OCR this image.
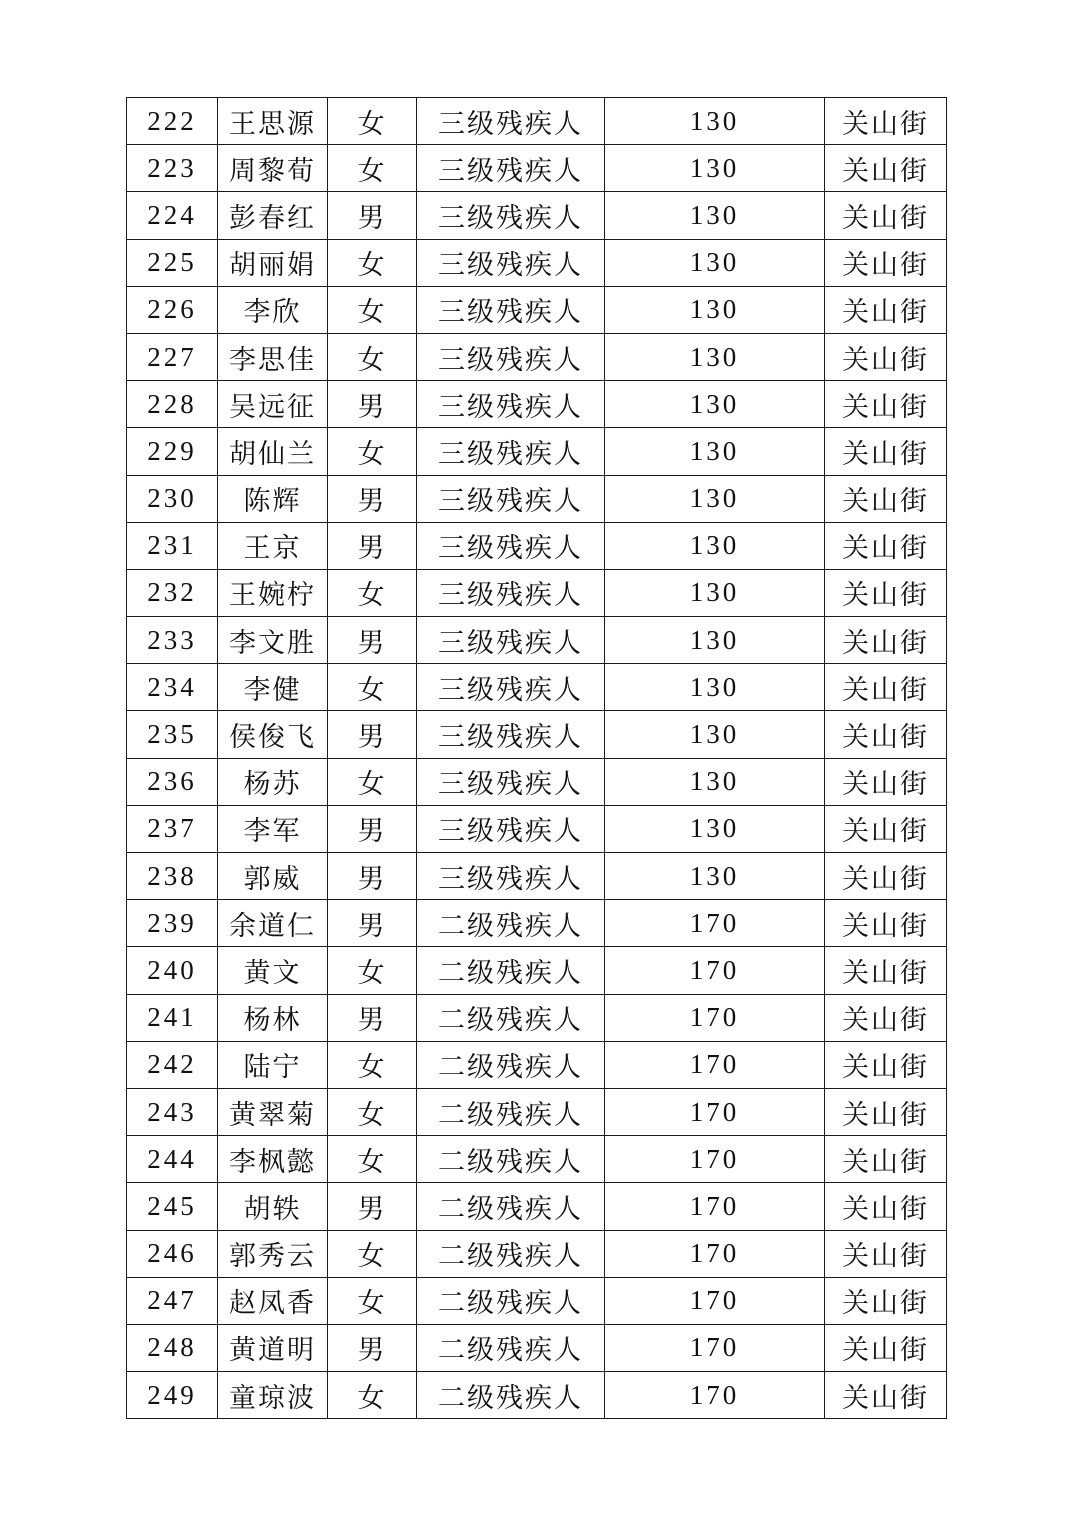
222	王思源	女	三级残疾人	130	关山街
223	周黎荀	女	三级残疾人	130	关山街
224	彭春红	男	三级残疾人	130	关山街
225	胡丽娟	女	三级残疾人	130	关山街
226	李欣	女	三级残疾人	130	关山街
227	李思佳	女	三级残疾人	130	关山街
228	吴远征	男	三级残疾人	130	关山街
229	胡仙兰	女	三级残疾人	130	关山街
230	陈辉	男	三级残疾人	130	关山街
231	王京	男	三级残疾人	130	关山街
232	王婉柠	女	三级残疾人	130	关山街
233	李文胜	男	三级残疾人	130	关山街
234	李健	女	三级残疾人	130	关山街
235	侯俊飞	男	三级残疾人	130	关山街
236	杨苏	女	三级残疾人	130	关山街
237	李军	男	三级残疾人	130	关山街
238	郭威	男	三级残疾人	130	关山街
239	余道仁	男	二级残疾人	170	关山街
240	黄文	女	二级残疾人	170	关山街
241	杨林	男	二级残疾人	170	关山街
242	陆宁	女	二级残疾人	170	关山街
243	黄翠菊	女	二级残疾人	170	关山街
244	李枫懿	女	二级残疾人	170	关山街
245	胡轶	男	二级残疾人	170	关山街
246	郭秀云	女	二级残疾人	170	关山街
247	赵凤香	女	二级残疾人	170	关山街
248	黄道明	男	二级残疾人	170	关山街
249	童琼波	女	二级残疾人	170	关山街
